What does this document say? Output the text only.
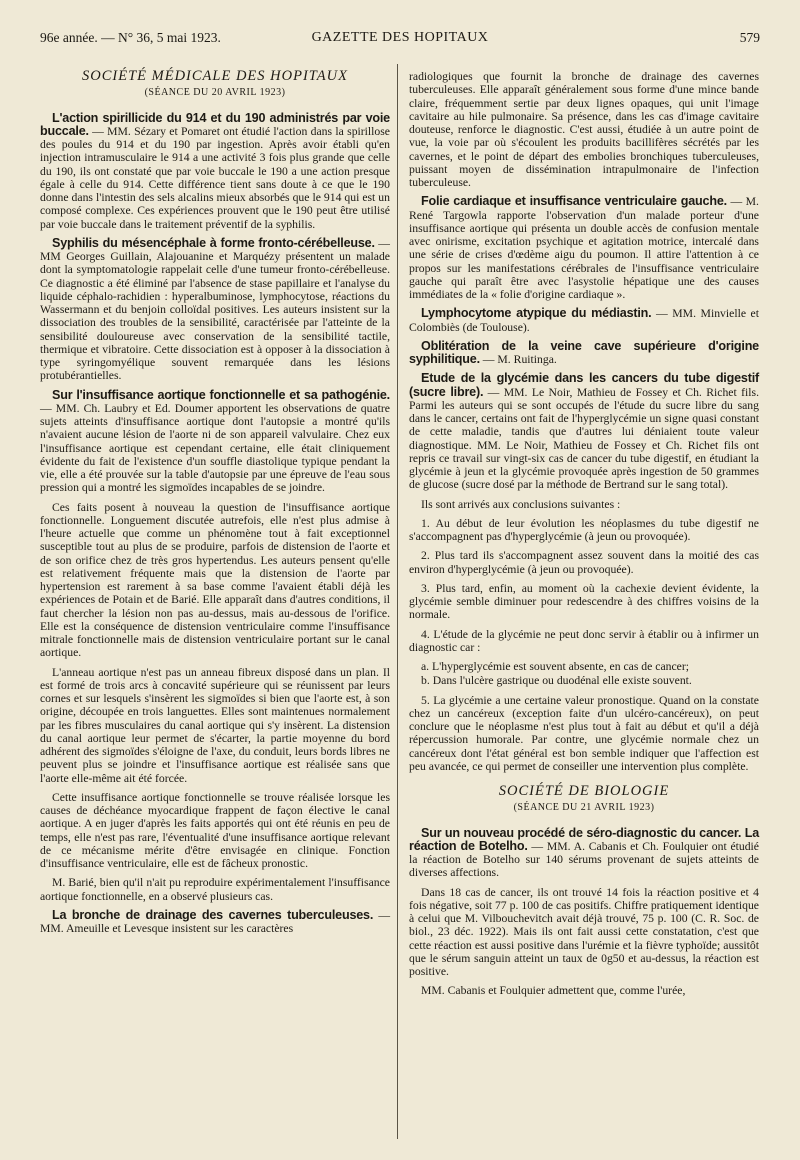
96e année. — N° 36, 5 mai 1923.	GAZETTE DES HOPITAUX	579
SOCIÉTÉ MÉDICALE DES HOPITAUX
(SÉANCE DU 20 AVRIL 1923)

L'action spirillicide du 914 et du 190 administrés par voie buccale. — MM. Sézary et Pomaret ont étudié l'action dans la spirillose des poules du 914 et du 190 par ingestion. Après avoir établi qu'en injection intramusculaire le 914 a une activité 3 fois plus grande que celle du 190, ils ont constaté que par voie buccale le 190 a une action presque égale à celle du 914. Cette différence tient sans doute à ce que le 190 donne dans l'intestin des sels alcalins mieux absorbés que le 914 qui est un composé complexe. Ces expériences prouvent que le 190 peut être utilisé par voie buccale dans le traitement préventif de la syphilis.

Syphilis du mésencéphale à forme fronto-cérébelleuse. — MM Georges Guillain, Alajouanine et Marquézy présentent un malade dont la symptomatologie rappelait celle d'une tumeur fronto-cérébelleuse. Ce diagnostic a été éliminé par l'absence de stase papillaire et l'analyse du liquide céphalo-rachidien : hyperalbuminose, lymphocytose, réactions du Wassermann et du benjoin colloïdal positives. Les auteurs insistent sur la dissociation des troubles de la sensibilité, caractérisée par l'atteinte de la sensibilité douloureuse avec conservation de la sensibilité tactile, thermique et vibratoire. Cette dissociation est à opposer à la dissociation à type syringomyélique souvent remarquée dans les lésions protubérantielles.

Sur l'insuffisance aortique fonctionnelle et sa pathogénie. — MM. Ch. Laubry et Ed. Doumer apportent les observations de quatre sujets atteints d'insuffisance aortique dont l'autopsie a montré qu'ils n'avaient aucune lésion de l'aorte ni de son appareil valvulaire. Chez eux l'insuffisance aortique est cependant certaine, elle était cliniquement évidente du fait de l'existence d'un souffle diastolique typique pendant la vie, elle a été prouvée sur la table d'autopsie par une épreuve de l'eau sous pression qui a montré les sigmoïdes incapables de se joindre.

Ces faits posent à nouveau la question de l'insuffisance aortique fonctionnelle. Longuement discutée autrefois, elle n'est plus admise à l'heure actuelle que comme un phénomène tout à fait exceptionnel susceptible tout au plus de se produire, parfois de distension de l'aorte et de son orifice chez de très gros hypertendus. Les auteurs pensent qu'elle est relativement fréquente mais que la distension de l'aorte par hypertension est rarement à sa base comme l'avaient établi déjà les expériences de Potain et de Barié. Elle apparaît dans d'autres conditions, il faut chercher la lésion non pas au-dessus, mais au-dessous de l'orifice. Elle est la conséquence de distension ventriculaire comme l'insuffisance mitrale fonctionnelle mais de distension ventriculaire portant sur le canal aortique.

L'anneau aortique n'est pas un anneau fibreux disposé dans un plan. Il est formé de trois arcs à concavité supérieure qui se réunissent par leurs cornes et sur lesquels s'insèrent les sigmoïdes si bien que l'aorte est, à son origine, découpée en trois languettes. Elles sont maintenues normalement par les fibres musculaires du canal aortique qui s'y insèrent. La distension du canal aortique leur permet de s'écarter, la partie moyenne du bord adhérent des sigmoïdes s'éloigne de l'axe, du conduit, leurs bords libres ne peuvent plus se joindre et l'insuffisance aortique est réalisée sans que l'aorte elle-même ait été forcée.

Cette insuffisance aortique fonctionnelle se trouve réalisée lorsque les causes de déchéance myocardique frappent de façon élective le canal aortique. A en juger d'après les faits apportés qui ont été réunis en peu de temps, elle n'est pas rare, l'éventualité d'une insuffisance aortique relevant de ce mécanisme mérite d'être envisagée en clinique. Fonction d'insuffisance ventriculaire, elle est de fâcheux pronostic.

M. Barié, bien qu'il n'ait pu reproduire expérimentalement l'insuffisance aortique fonctionnelle, en a observé plusieurs cas.

La bronche de drainage des cavernes tuberculeuses. — MM. Ameuille et Levesque insistent sur les caractères

radiologiques que fournit la bronche de drainage des cavernes tuberculeuses. Elle apparaît généralement sous forme d'une mince bande claire, fréquemment sertie par deux lignes opaques, qui unit l'image cavitaire au hile pulmonaire. Sa présence, dans les cas d'image cavitaire douteuse, renforce le diagnostic. C'est aussi, étudiée à un autre point de vue, la voie par où s'écoulent les produits bacillifères sécrétés par les cavernes, et le point de départ des embolies bronchiques tuberculeuses, puissant moyen de dissémination intrapulmonaire de l'infection tuberculeuse.

Folie cardiaque et insuffisance ventriculaire gauche. — M. René Targowla rapporte l'observation d'un malade porteur d'une insuffisance aortique qui présenta un double accès de confusion mentale avec onirisme, excitation psychique et agitation motrice, intercalé dans une série de crises d'œdème aigu du poumon. Il attire l'attention à ce propos sur les manifestations cérébrales de l'insuffisance ventriculaire gauche qui paraît être avec l'asystolie hépatique une des causes immédiates de la « folie d'origine cardiaque ».

Lymphocytome atypique du médiastin. — MM. Minvielle et Colombiès (de Toulouse).

Oblitération de la veine cave supérieure d'origine syphilitique. — M. Ruitinga.

Etude de la glycémie dans les cancers du tube digestif (sucre libre). — MM. Le Noir, Mathieu de Fossey et Ch. Richet fils. Parmi les auteurs qui se sont occupés de l'étude du sucre libre du sang dans le cancer, certains ont fait de l'hyperglycémie un signe quasi constant de cette maladie, tandis que d'autres lui déniaient toute valeur diagnostique. MM. Le Noir, Mathieu de Fossey et Ch. Richet fils ont repris ce travail sur vingt-six cas de cancer du tube digestif, en étudiant la glycémie à jeun et la glycémie provoquée après ingestion de 50 grammes de glucose (sucre dosé par la méthode de Bertrand sur le sang total).

Ils sont arrivés aux conclusions suivantes :

1. Au début de leur évolution les néoplasmes du tube digestif ne s'accompagnent pas d'hyperglycémie (à jeun ou provoquée).

2. Plus tard ils s'accompagnent assez souvent dans la moitié des cas environ d'hyperglycémie (à jeun ou provoquée).

3. Plus tard, enfin, au moment où la cachexie devient évidente, la glycémie semble diminuer pour redescendre à des chiffres voisins de la normale.

4. L'étude de la glycémie ne peut donc servir à établir ou à infirmer un diagnostic car :

a. L'hyperglycémie est souvent absente, en cas de cancer;

b. Dans l'ulcère gastrique ou duodénal elle existe souvent.

5. La glycémie a une certaine valeur pronostique. Quand on la constate chez un cancéreux (exception faite d'un ulcéro-cancéreux), on peut conclure que le néoplasme n'est plus tout à fait au début et qu'il a déjà répercussion humorale. Par contre, une glycémie normale chez un cancéreux dont l'état général est bon semble indiquer que l'affection est peu avancée, ce qui permet de conseiller une intervention plus complète.

SOCIÉTÉ DE BIOLOGIE
(SÉANCE DU 21 AVRIL 1923)

Sur un nouveau procédé de séro-diagnostic du cancer. La réaction de Botelho. — MM. A. Cabanis et Ch. Foulquier ont étudié la réaction de Botelho sur 140 sérums provenant de sujets atteints de diverses affections.

Dans 18 cas de cancer, ils ont trouvé 14 fois la réaction positive et 4 fois négative, soit 77 p. 100 de cas positifs. Chiffre pratiquement identique à celui que M. Vilbouchevitch avait déjà trouvé, 75 p. 100 (C. R. Soc. de biol., 23 déc. 1922). Mais ils ont fait aussi cette constatation, c'est que cette réaction est aussi positive dans l'urémie et la fièvre typhoïde; aussitôt que le sérum sanguin atteint un taux de 0g50 et au-dessus, la réaction est positive.

MM. Cabanis et Foulquier admettent que, comme l'urée,
